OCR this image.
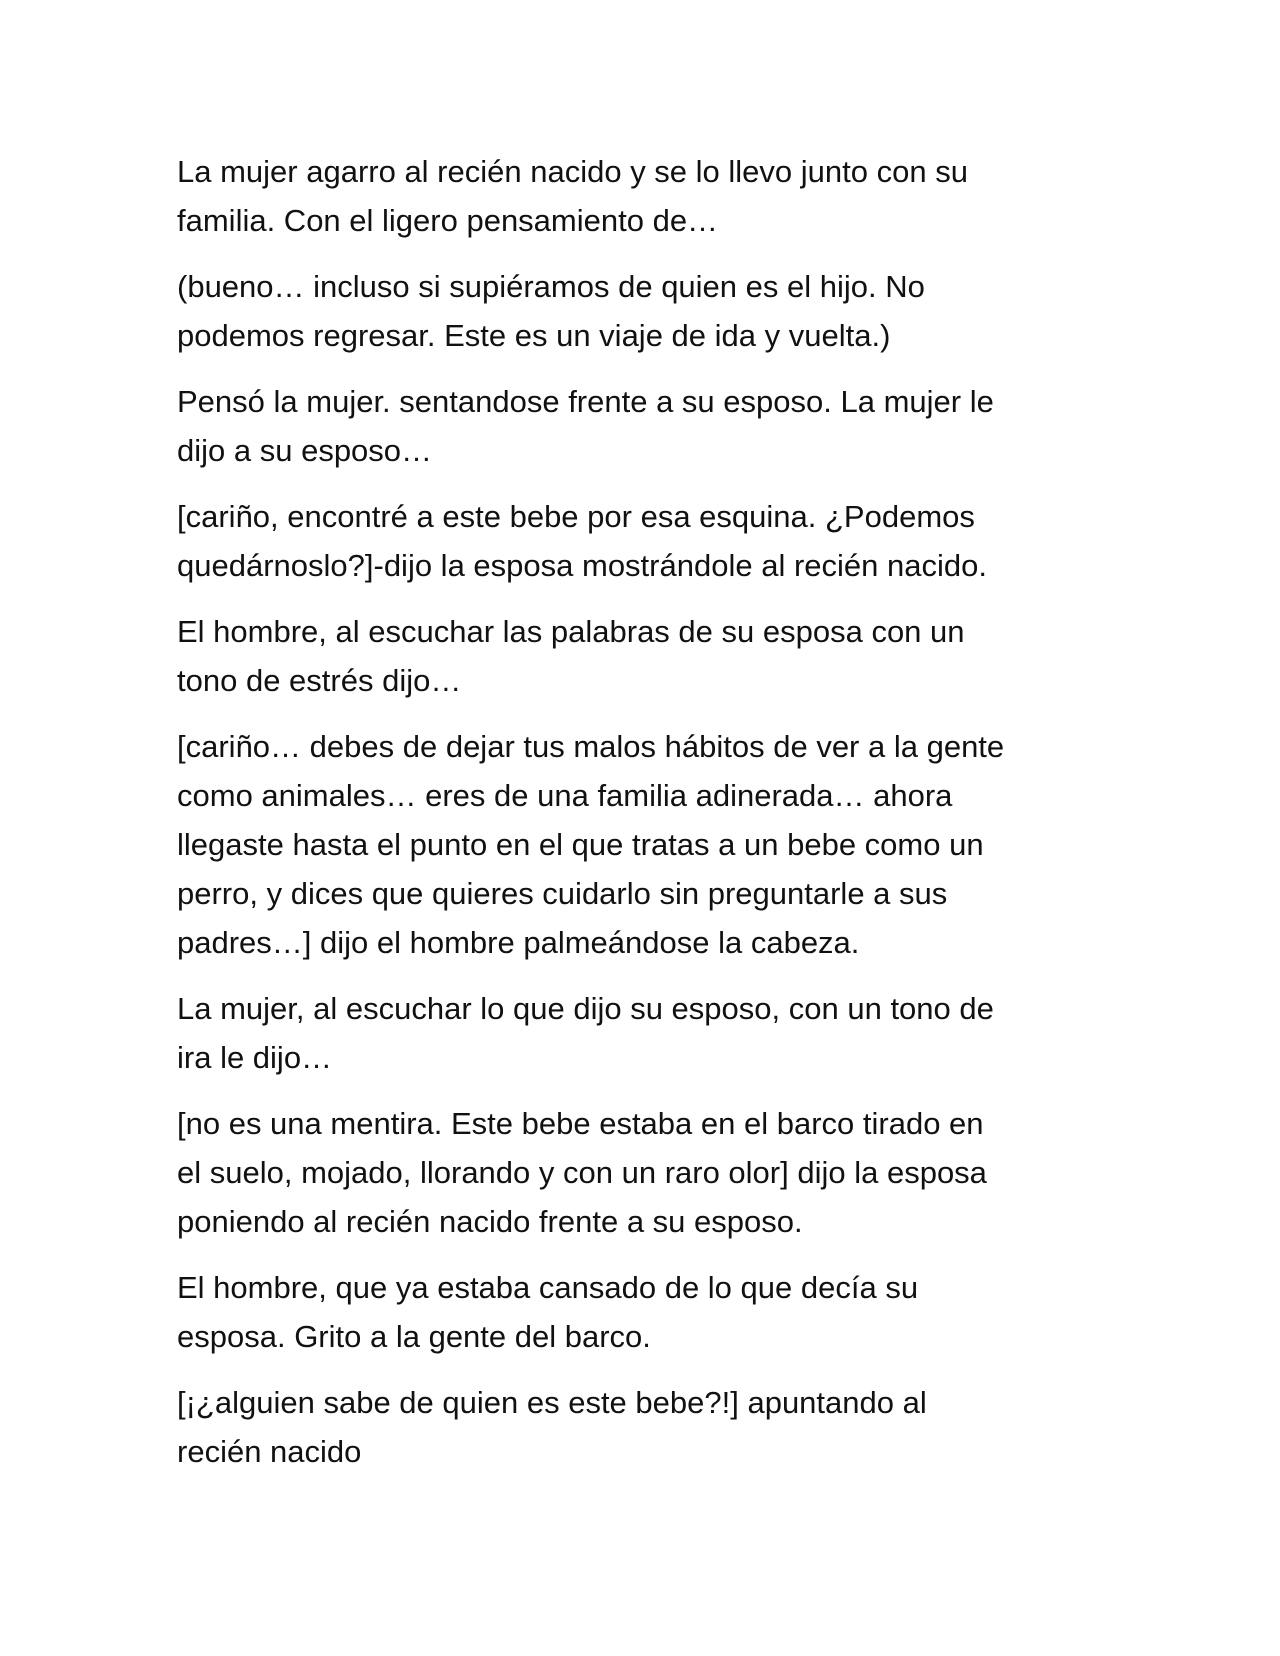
La mujer agarro al recién nacido y se lo llevo junto con su
familia. Con el ligero pensamiento de…

(bueno… incluso si supiéramos de quien es el hijo. No
podemos regresar. Este es un viaje de ida y vuelta.)

Pensó la mujer. sentandose frente a su esposo. La mujer le
dijo a su esposo…

[cariño, encontré a este bebe por esa esquina. ¿Podemos
quedárnoslo?]-dijo la esposa mostrándole al recién nacido.

El hombre, al escuchar las palabras de su esposa con un
tono de estrés dijo…

[cariño… debes de dejar tus malos hábitos de ver a la gente
como animales… eres de una familia adinerada… ahora
llegaste hasta el punto en el que tratas a un bebe como un
perro, y dices que quieres cuidarlo sin preguntarle a sus
padres…] dijo el hombre palmeándose la cabeza.

La mujer, al escuchar lo que dijo su esposo, con un tono de
ira le dijo…

[no es una mentira. Este bebe estaba en el barco tirado en
el suelo, mojado, llorando y con un raro olor] dijo la esposa
poniendo al recién nacido frente a su esposo.

El hombre, que ya estaba cansado de lo que decía su
esposa. Grito a la gente del barco.

[¡¿alguien sabe de quien es este bebe?!] apuntando al
recién nacido
